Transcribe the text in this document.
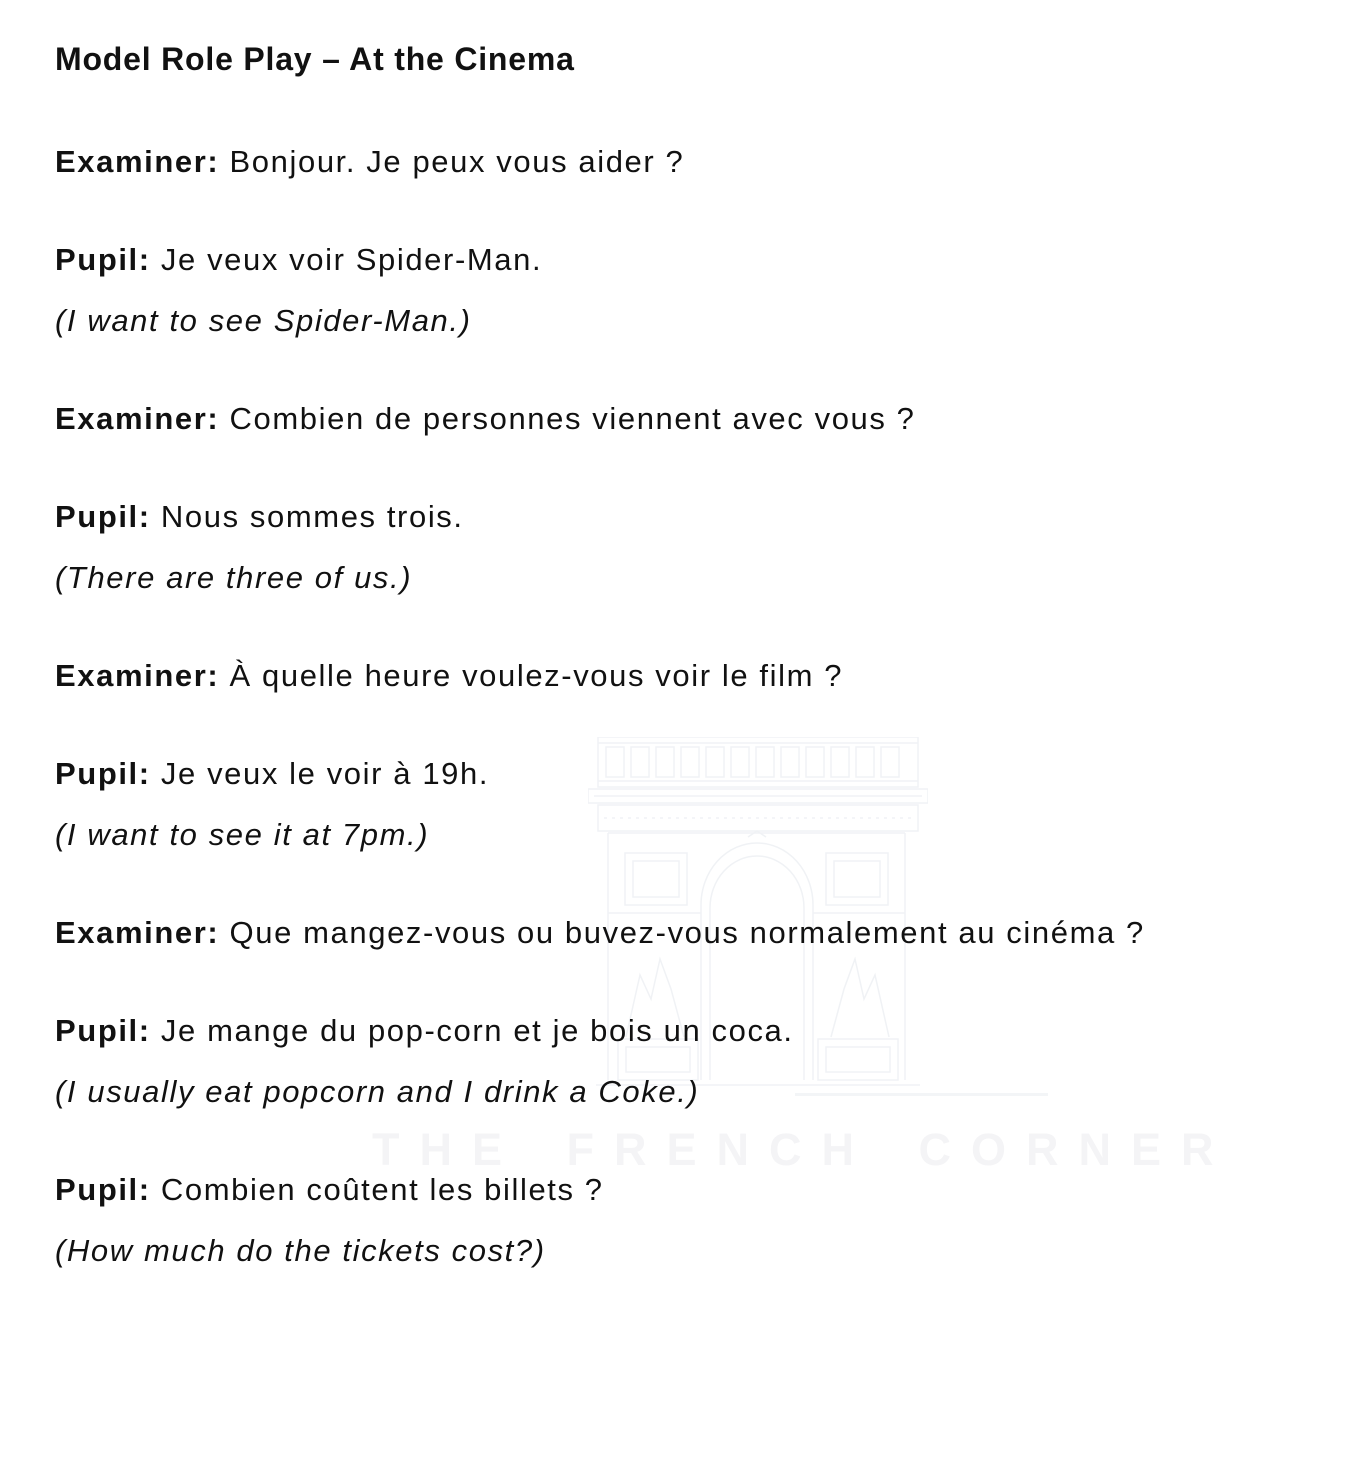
THE FRENCH CORNER
Model Role Play – At the Cinema

Examiner: Bonjour. Je peux vous aider ?

Pupil: Je veux voir Spider-Man.
(I want to see Spider-Man.)

Examiner: Combien de personnes viennent avec vous ?

Pupil: Nous sommes trois.
(There are three of us.)

Examiner: À quelle heure voulez-vous voir le film ?

Pupil: Je veux le voir à 19h.
(I want to see it at 7pm.)

Examiner: Que mangez-vous ou buvez-vous normalement au cinéma ?

Pupil: Je mange du pop-corn et je bois un coca.
(I usually eat popcorn and I drink a Coke.)

Pupil: Combien coûtent les billets ?
(How much do the tickets cost?)
